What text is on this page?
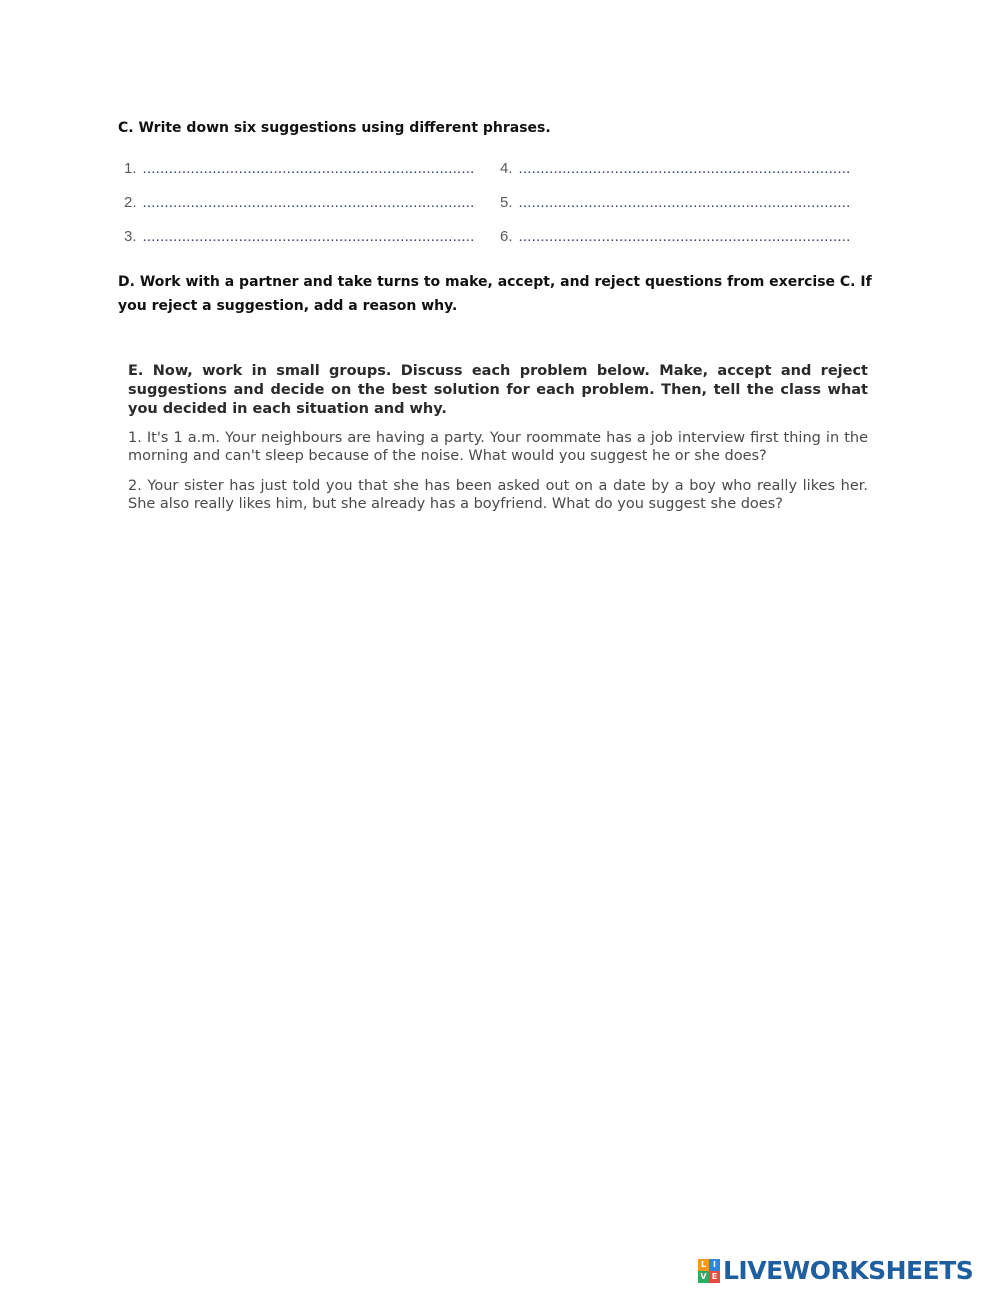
C. Write down six suggestions using different phrases.

1. ............................................................................	4. ............................................................................
2. ............................................................................	5. ............................................................................
3. ............................................................................	6. ............................................................................

D. Work with a partner and take turns to make, accept, and reject questions from exercise C. If you reject a suggestion, add a reason why.

E. Now, work in small groups. Discuss each problem below. Make, accept and reject suggestions and decide on the best solution for each problem. Then, tell the class what you decided in each situation and why.

1. It's 1 a.m. Your neighbours are having a party. Your roommate has a job interview first thing in the morning and can't sleep because of the noise. What would you suggest he or she does?

2. Your sister has just told you that she has been asked out on a date by a boy who really likes her. She also really likes him, but she already has a boyfriend. What do you suggest she does?

L I
V E LIVEWORKSHEETS
